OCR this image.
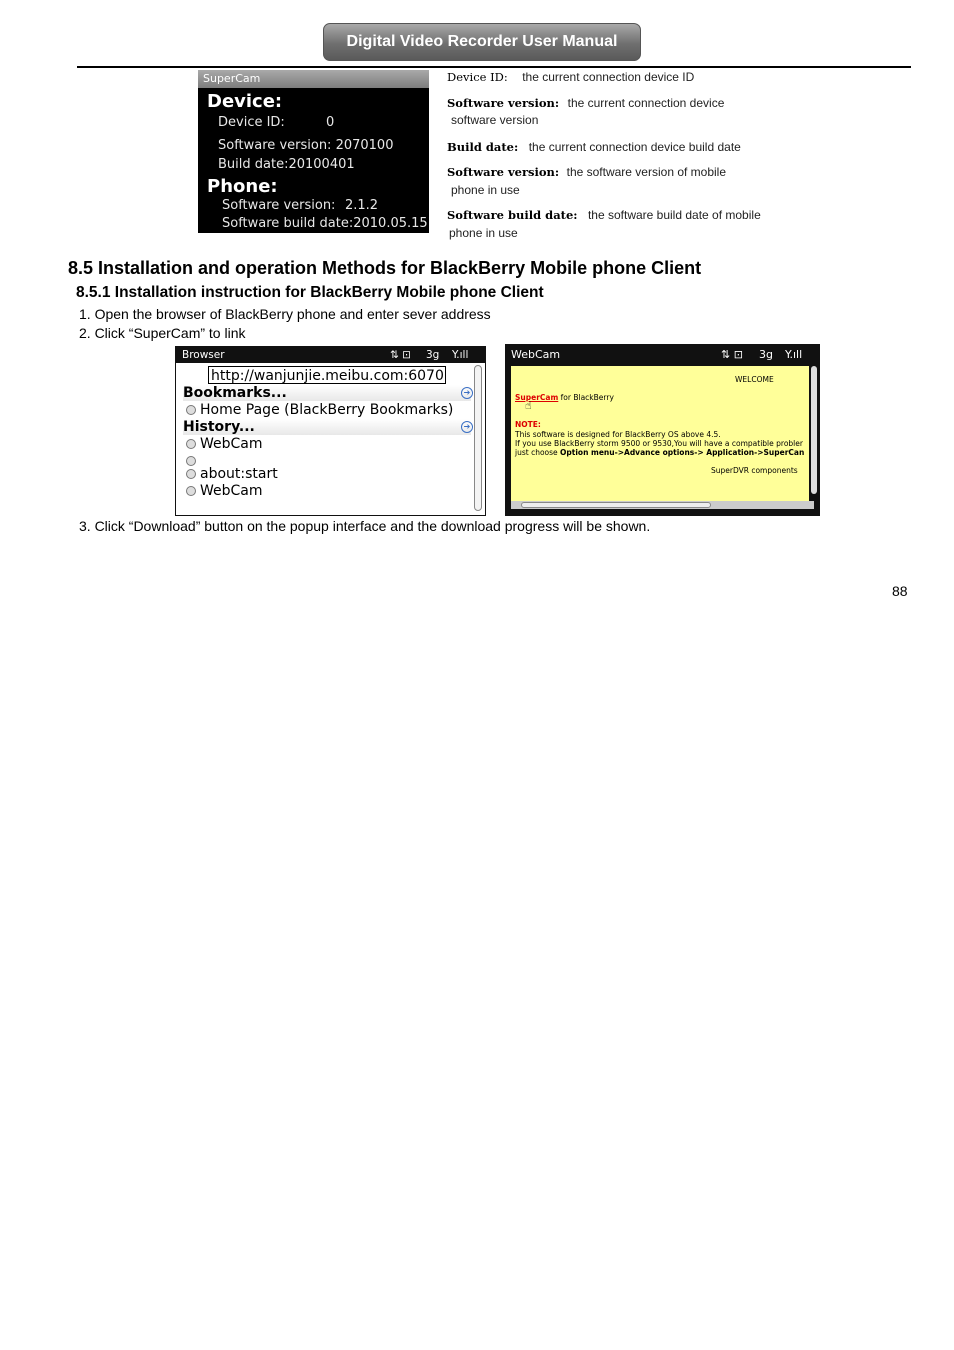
Digital Video Recorder User Manual
SuperCam
Device:
Device ID:	0
Software version: 2070100
Build date:20100401
Phone:
Software version: 2.1.2
Software build date:2010.05.15
Device ID: the current connection device ID
Software version: the current connection device
software version
Build date: the current connection device build date
Software version: the software version of mobile
phone in use
Software build date: the software build date of mobile
phone in use
8.5 Installation and operation Methods for BlackBerry Mobile phone Client
8.5.1 Installation instruction for BlackBerry Mobile phone Client
1. Open the browser of BlackBerry phone and enter sever address
2. Click “SuperCam” to link
Browser	⇅ ⊡ 3g Y.ıll
http://wanjunjie.meibu.com:6070
Bookmarks...	➔
Home Page (BlackBerry Bookmarks)
History...	➔
WebCam
about:start
WebCam
WebCam	⇅ ⊡ 3g Y.ıll
WELCOME
SuperCam for BlackBerry
☝
NOTE:
This software is designed for BlackBerry OS above 4.5.
If you use BlackBerry storm 9500 or 9530,You will have a compatible probler
just choose Option menu->Advance options-> Application->SuperCan
SuperDVR components
3. Click “Download” button on the popup interface and the download progress will be shown.
88
